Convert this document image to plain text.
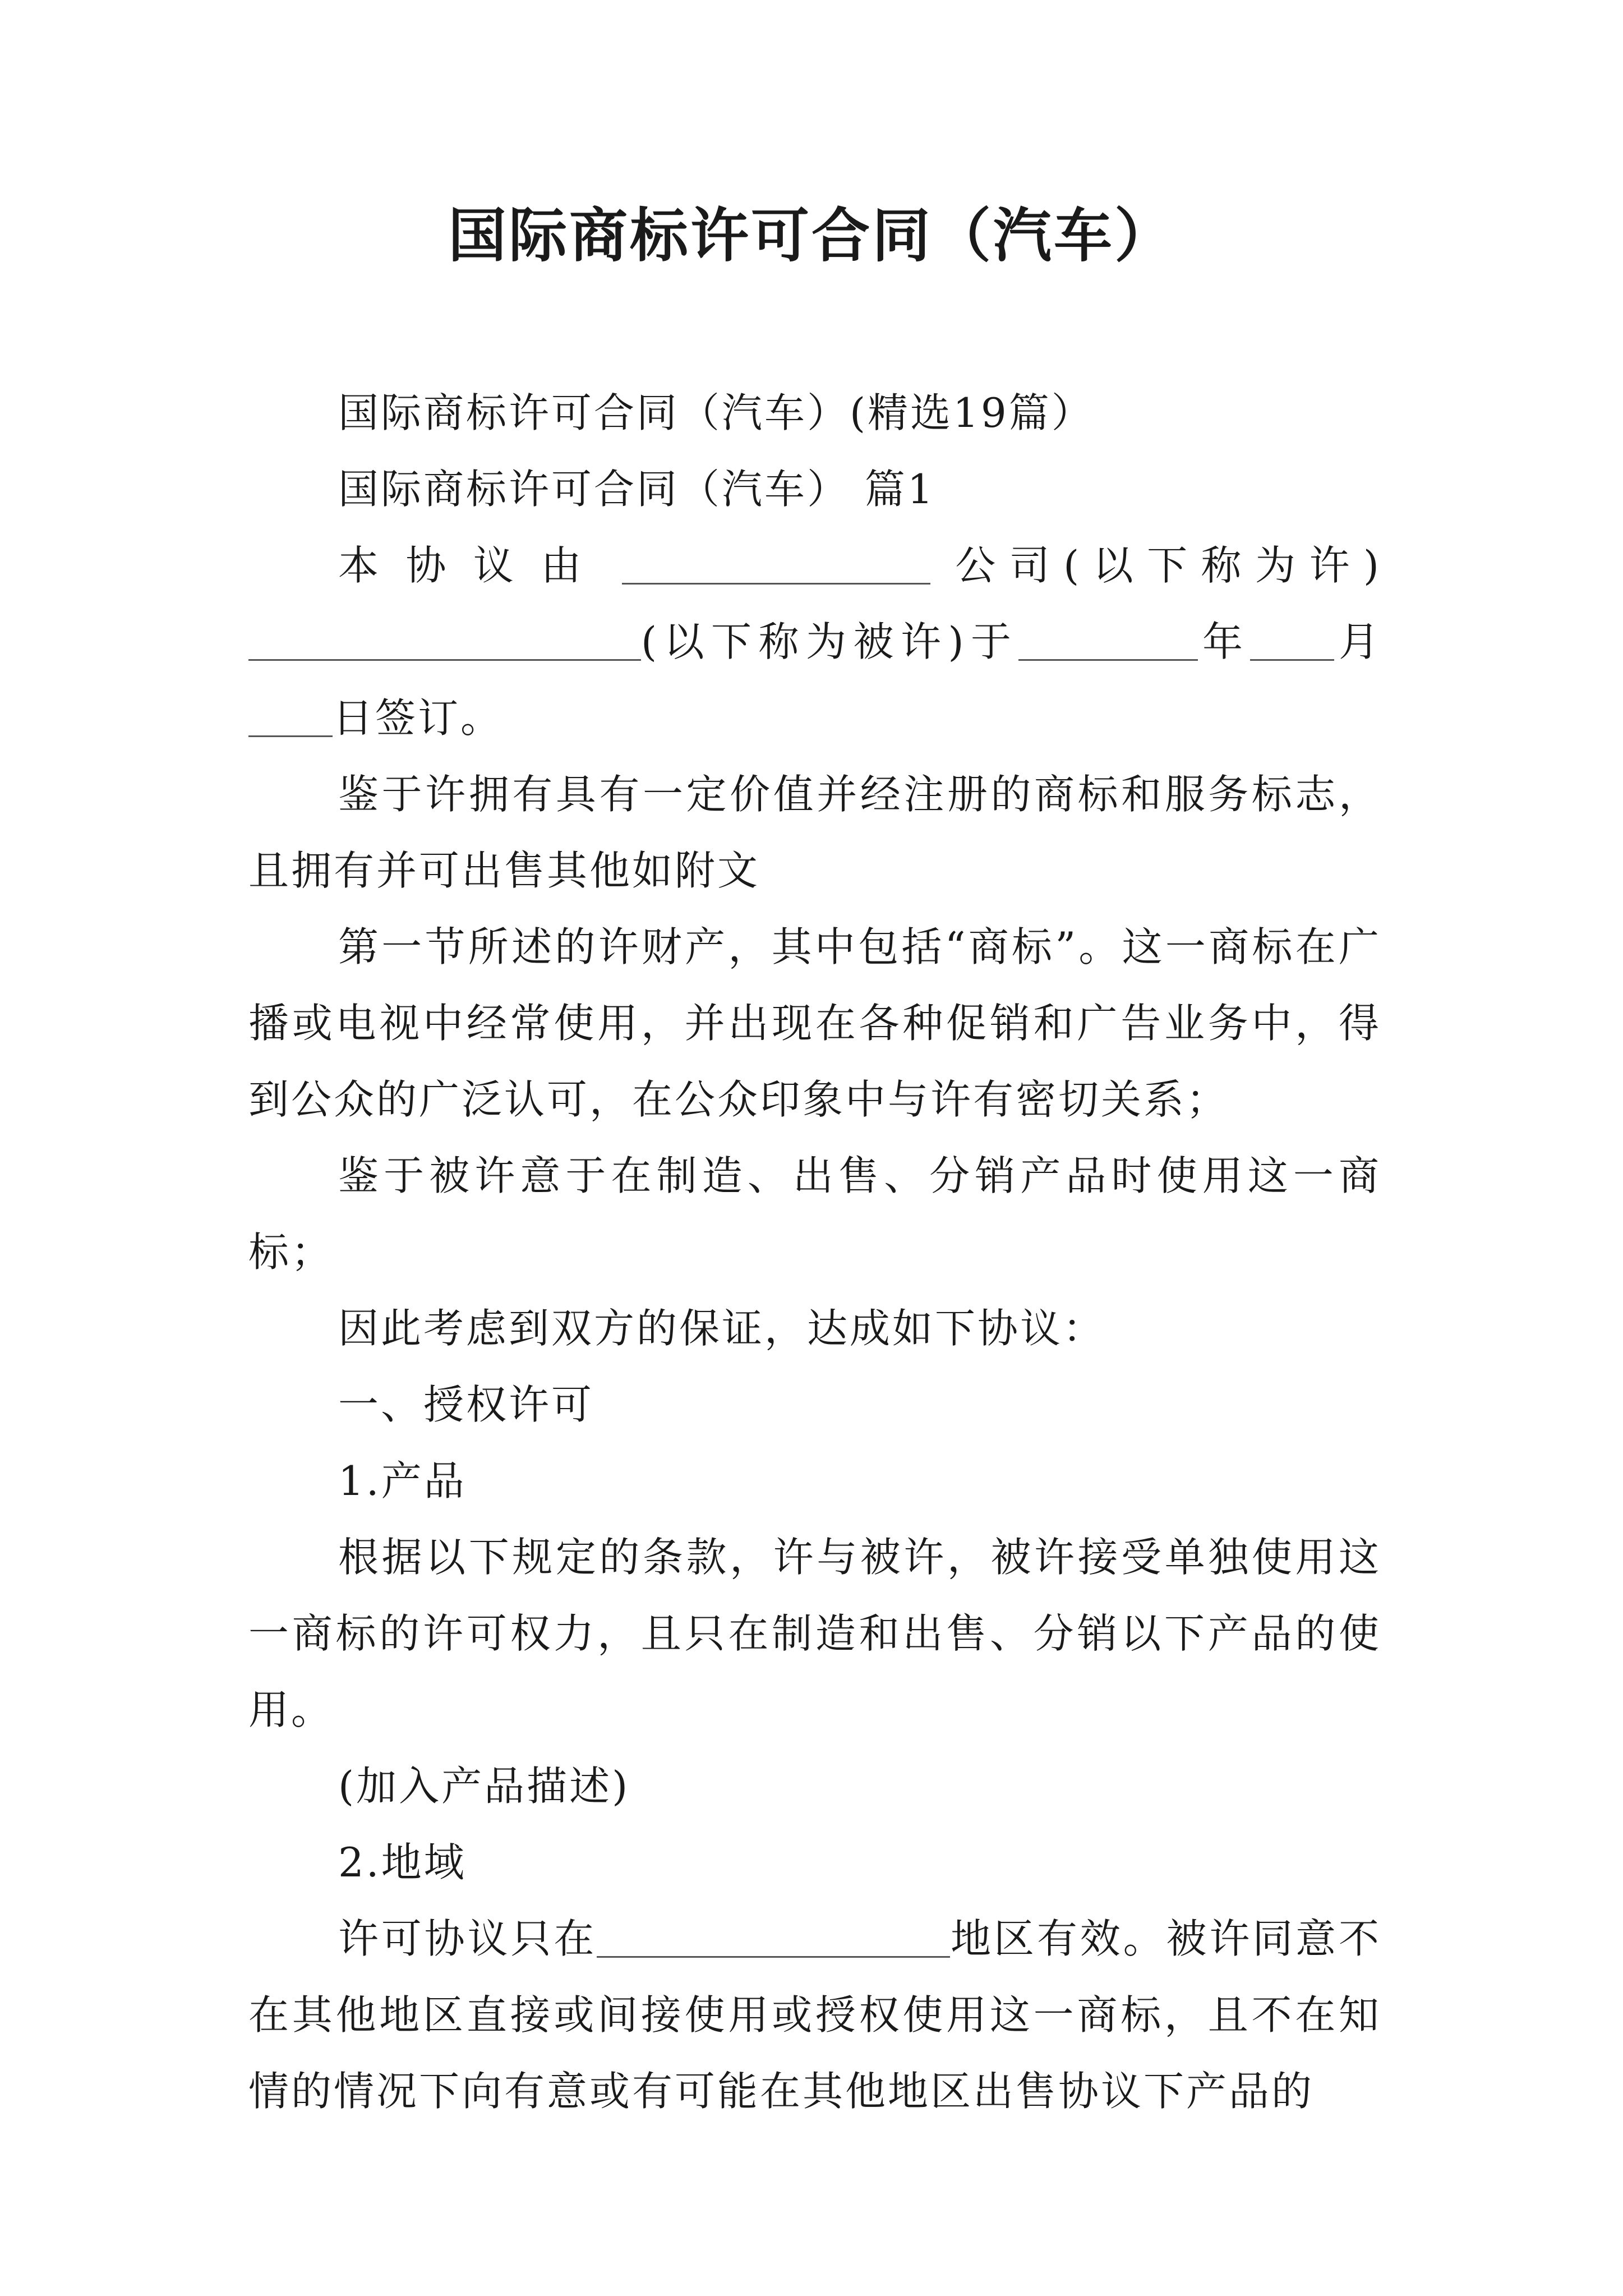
国际商标许可合同（汽车）

国际商标许可合同（汽车）(精选19篇）

国际商标许可合同（汽车） 篇1

本协议由	公司(以下称为许)(以下称为被许)于	年 月日签订。

鉴于许拥有具有一定价值并经注册的商标和服务标志，且拥有并可出售其他如附文

第一节所述的许财产，其中包括“商标”。这一商标在广播或电视中经常使用，并出现在各种促销和广告业务中，得到公众的广泛认可，在公众印象中与许有密切关系；

鉴于被许意于在制造、出售、分销产品时使用这一商标；

因此考虑到双方的保证，达成如下协议：

一、授权许可

1.产品

根据以下规定的条款，许与被许，被许接受单独使用这一商标的许可权力，且只在制造和出售、分销以下产品的使用。

(加入产品描述)

2.地域

许可协议只在	地区有效。被许同意不在其他地区直接或间接使用或授权使用这一商标，且不在知情的情况下向有意或有可能在其他地区出售协议下产品的
